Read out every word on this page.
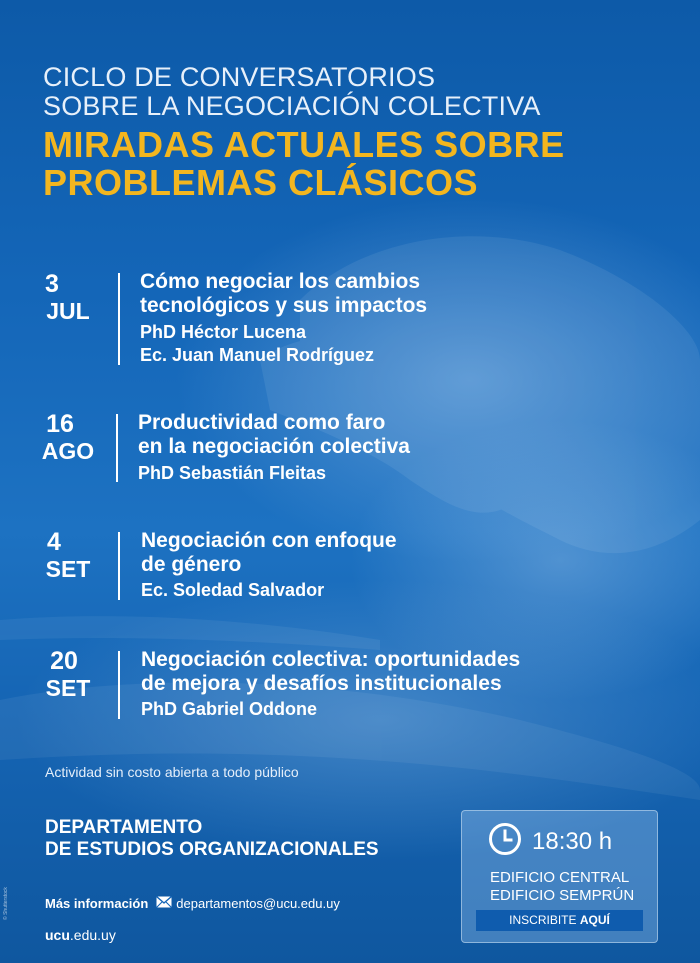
CICLO DE CONVERSATORIOS
SOBRE LA NEGOCIACIÓN COLECTIVA
MIRADAS ACTUALES SOBRE
PROBLEMAS CLÁSICOS
3
JUL
Cómo negociar los cambios
tecnológicos y sus impactos
PhD Héctor Lucena
Ec. Juan Manuel Rodríguez
16
AGO
Productividad como faro
en la negociación colectiva
PhD Sebastián Fleitas
4
SET
Negociación con enfoque
de género
Ec. Soledad Salvador
20
SET
Negociación colectiva: oportunidades
de mejora y desafíos institucionales
PhD Gabriel Oddone
Actividad sin costo abierta a todo público
DEPARTAMENTO
DE ESTUDIOS ORGANIZACIONALES
Más información departamentos@ucu.edu.uy
ucu.edu.uy
18:30 h
EDIFICIO CENTRAL
EDIFICIO SEMPRÚN
INSCRIBITE AQUÍ
© Shutterstock
